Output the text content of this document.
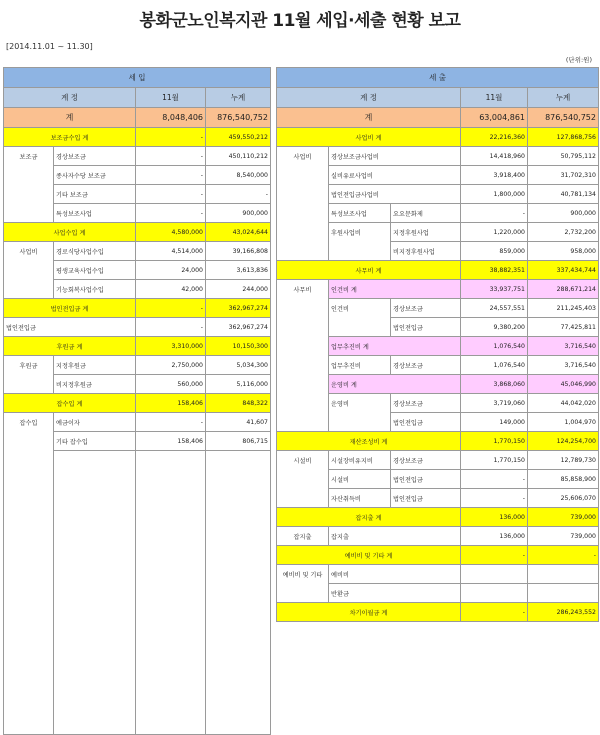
봉화군노인복지관 11월 세입·세출 현황 보고
[2014.11.01 ~ 11.30]
(단위:원)
세 입			
계 정		11월	누계
계		8,048,406	876,540,752
보조금수입 계		-	459,550,212
보조금	경상보조금	-	450,110,212
	종사자수당 보조금	-	8,540,000
	기타 보조금	-	-
	특성보조사업	-	900,000
사업수입 계		4,580,000	43,024,644
사업비	경로식당사업수입	4,514,000	39,166,808
	평생교육사업수입	24,000	3,613,836
	기능회복사업수입	42,000	244,000
법인전입금 계		-	362,967,274
법인전입금		-	362,967,274
후원금 계		3,310,000	10,150,300
후원금	지정후원금	2,750,000	5,034,300
	비지정후원금	560,000	5,116,000
잡수입 계		158,406	848,322
잡수입	예금이자	-	41,607
	기타 잡수입	158,406	806,715

세 출				
계 정			11월	누계
계			63,004,861	876,540,752
사업비 계			22,216,360	127,868,756
사업비	경상보조금사업비		14,418,960	50,795,112
	실비유료사업비		3,918,400	31,702,310
	법인전입금사업비		1,800,000	40,781,134
	특성보조사업	요요문화제	-	900,000
	후원사업비	지정후원사업	1,220,000	2,732,200
		비지정후원사업	859,000	958,000
사무비 계			38,882,351	337,434,744
사무비	인건비 계		33,937,751	288,671,214
	인건비	경상보조금	24,557,551	211,245,403
		법인전입금	9,380,200	77,425,811
	업무추진비 계		1,076,540	3,716,540
	업무추진비	경상보조금	1,076,540	3,716,540
	운영비 계		3,868,060	45,046,990
	운영비	경상보조금	3,719,060	44,042,020
		법인전입금	149,000	1,004,970
재산조성비 계			1,770,150	124,254,700
시설비	시설장비유지비	경상보조금	1,770,150	12,789,730
	시설비	법인전입금	-	85,858,900
	자산취득비	법인전입금	-	25,606,070
잡지출 계			136,000	739,000
잡지출	잡지출		136,000	739,000
예비비 및 기타 계			-	-
예비비 및 기타	예비비			
	반환금			
차기이월금 계			-	286,243,552
